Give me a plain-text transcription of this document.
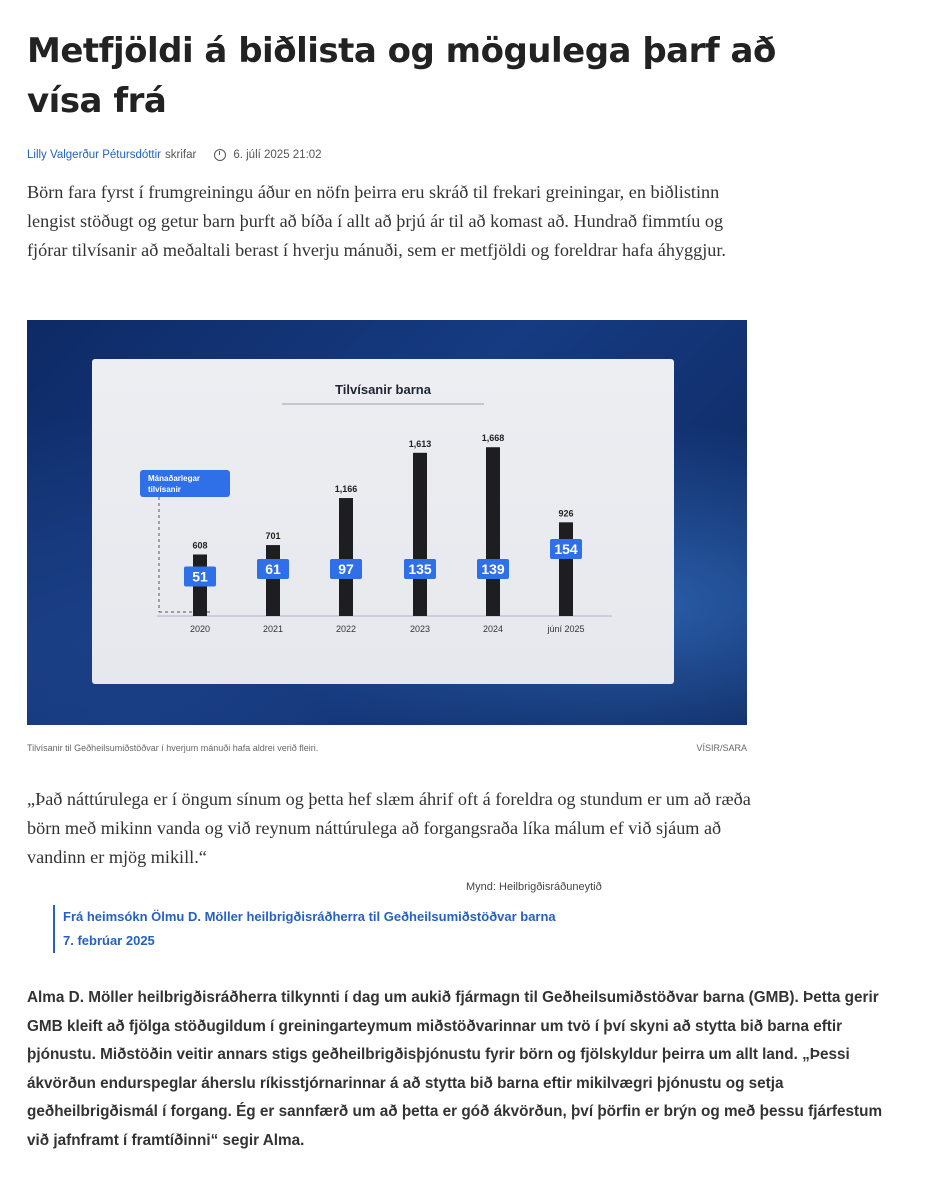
Metfjöldi á biðlista og mögulega þarf að vísa frá
Lilly Valgerður Pétursdóttir skrifar	6. júlí 2025 21:02

Börn fara fyrst í frumgreiningu áður en nöfn þeirra eru skráð til frekari greiningar, en biðlistinn lengist stöðugt og getur barn þurft að bíða í allt að þrjú ár til að komast að. Hundrað fimmtíu og fjórar tilvísanir að meðaltali berast í hverju mánuði, sem er metfjöldi og foreldrar hafa áhyggjur.

Tilvísanir barna
Mánaðarlegar
tilvísanir
608
51
2020
701
61
2021
1,166
97
2022
1,613
135
2023
1,668
139
2024
926
154
júní 2025
Tilvísanir til Geðheilsumiðstöðvar í hverjum mánuði hafa aldrei verið fleiri.	VÍSIR/SARA

„Það náttúrulega er í öngum sínum og þetta hef slæm áhrif oft á foreldra og stundum er um að ræða börn með mikinn vanda og við reynum náttúrulega að forgangsraða líka málum ef við sjáum að vandinn er mjög mikill.“

Mynd: Heilbrigðisráðuneytið
Frá heimsókn Ölmu D. Möller heilbrigðisráðherra til Geðheilsumiðstöðvar barna
7. febrúar 2025

Alma D. Möller heilbrigðisráðherra tilkynnti í dag um aukið fjármagn til Geðheilsumiðstöðvar barna (GMB). Þetta gerir GMB kleift að fjölga stöðugildum í greiningarteymum miðstöðvarinnar um tvö í því skyni að stytta bið barna eftir þjónustu. Miðstöðin veitir annars stigs geðheilbrigðisþjónustu fyrir börn og fjölskyldur þeirra um allt land. „Þessi ákvörðun endurspeglar áherslu ríkisstjórnarinnar á að stytta bið barna eftir mikilvægri þjónustu og setja geðheilbrigðismál í forgang. Ég er sannfærð um að þetta er góð ákvörðun, því þörfin er brýn og með þessu fjárfestum við jafnframt í framtíðinni“ segir Alma.
